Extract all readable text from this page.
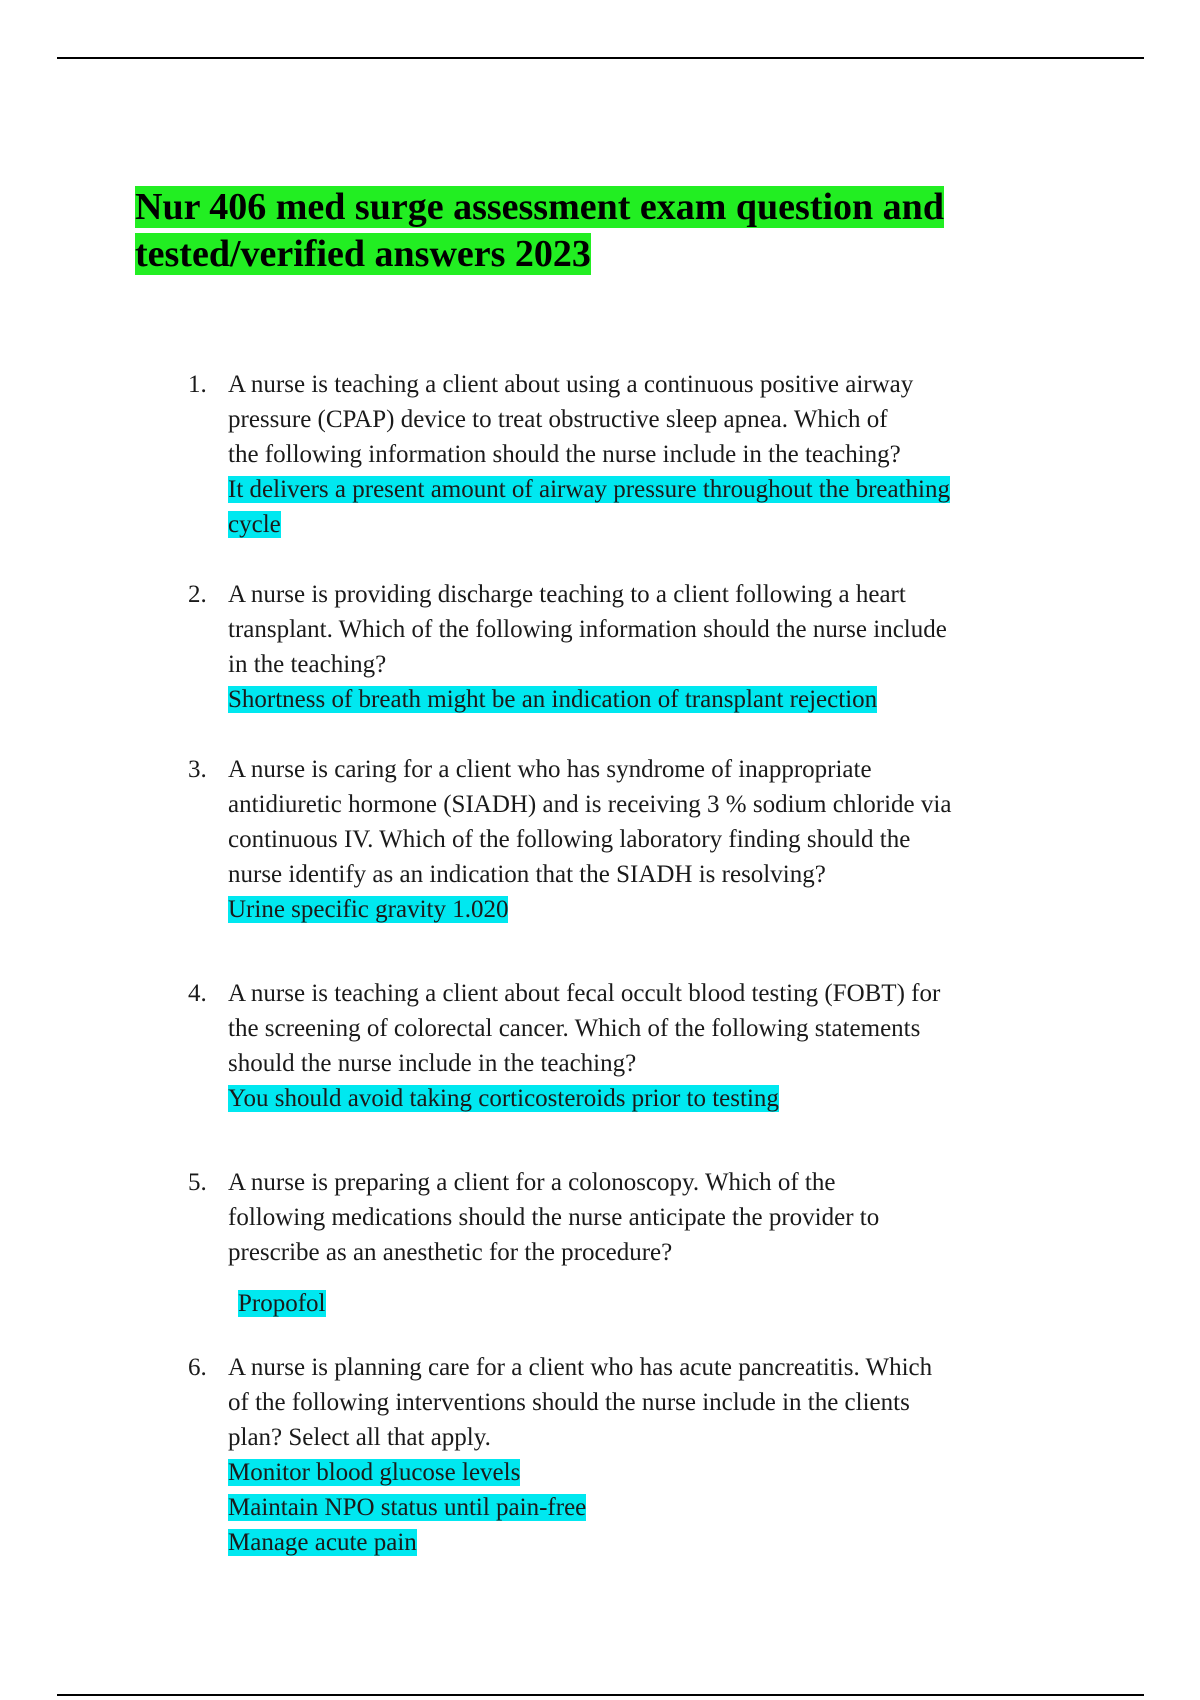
Nur 406 med surge assessment exam question and
tested/verified answers 2023
1. A nurse is teaching a client about using a continuous positive airway
pressure (CPAP) device to treat obstructive sleep apnea. Which of
the following information should the nurse include in the teaching?
It delivers a present amount of airway pressure throughout the breathing
cycle
2. A nurse is providing discharge teaching to a client following a heart
transplant. Which of the following information should the nurse include
in the teaching?
Shortness of breath might be an indication of transplant rejection
3. A nurse is caring for a client who has syndrome of inappropriate
antidiuretic hormone (SIADH) and is receiving 3 % sodium chloride via
continuous IV. Which of the following laboratory finding should the
nurse identify as an indication that the SIADH is resolving?
Urine specific gravity 1.020
4. A nurse is teaching a client about fecal occult blood testing (FOBT) for
the screening of colorectal cancer. Which of the following statements
should the nurse include in the teaching?
You should avoid taking corticosteroids prior to testing
5. A nurse is preparing a client for a colonoscopy. Which of the
following medications should the nurse anticipate the provider to
prescribe as an anesthetic for the procedure?
Propofol
6. A nurse is planning care for a client who has acute pancreatitis. Which
of the following interventions should the nurse include in the clients
plan? Select all that apply.
Monitor blood glucose levels
Maintain NPO status until pain-free
Manage acute pain
